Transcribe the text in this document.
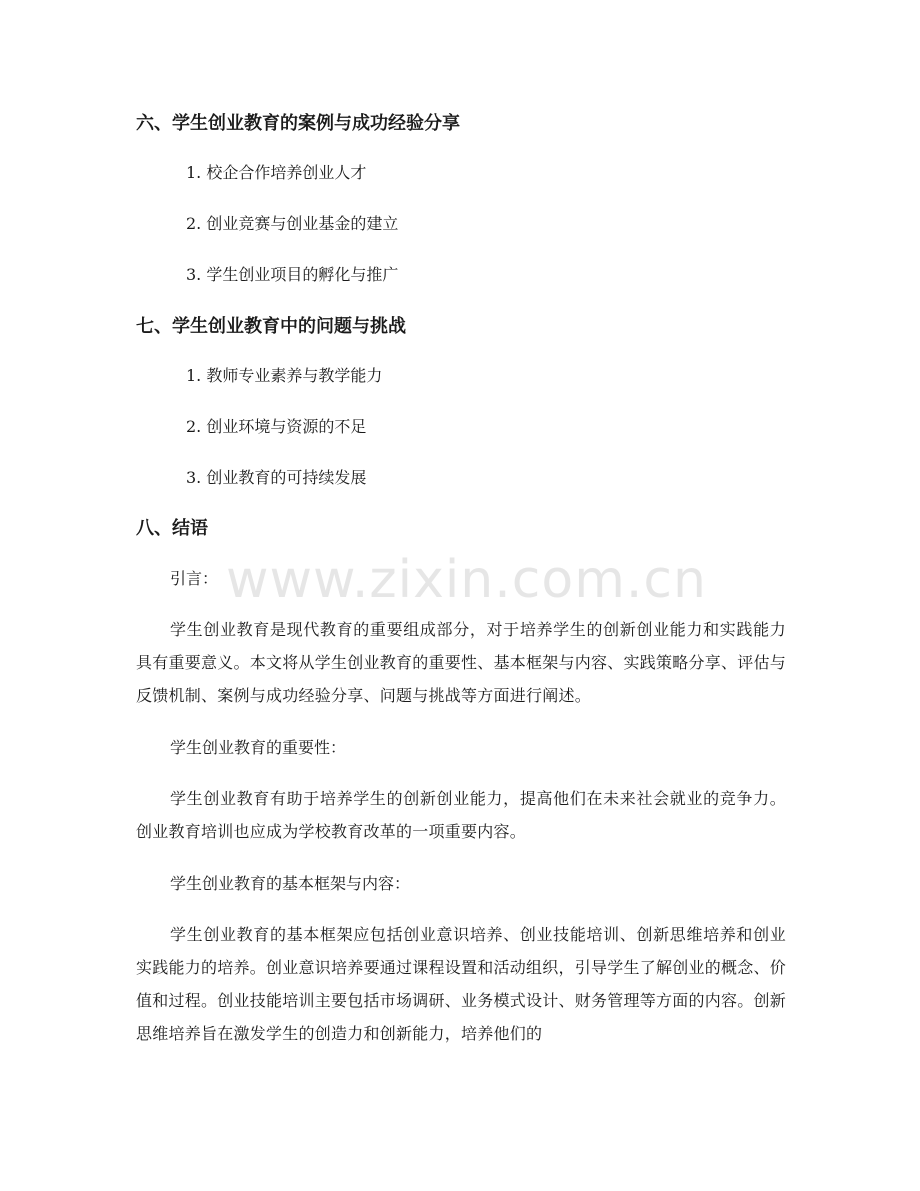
www.zixin.com.cn
六、学生创业教育的案例与成功经验分享

1. 校企合作培养创业人才

2. 创业竞赛与创业基金的建立

3. 学生创业项目的孵化与推广

七、学生创业教育中的问题与挑战

1. 教师专业素养与教学能力

2. 创业环境与资源的不足

3. 创业教育的可持续发展

八、结语

引言：

学生创业教育是现代教育的重要组成部分，对于培养学生的创新创业能力和实践能力具有重要意义。本文将从学生创业教育的重要性、基本框架与内容、实践策略分享、评估与反馈机制、案例与成功经验分享、问题与挑战等方面进行阐述。

学生创业教育的重要性：

学生创业教育有助于培养学生的创新创业能力，提高他们在未来社会就业的竞争力。创业教育培训也应成为学校教育改革的一项重要内容。

学生创业教育的基本框架与内容：

学生创业教育的基本框架应包括创业意识培养、创业技能培训、创新思维培养和创业实践能力的培养。创业意识培养要通过课程设置和活动组织，引导学生了解创业的概念、价值和过程。创业技能培训主要包括市场调研、业务模式设计、财务管理等方面的内容。创新思维培养旨在激发学生的创造力和创新能力，培养他们的
